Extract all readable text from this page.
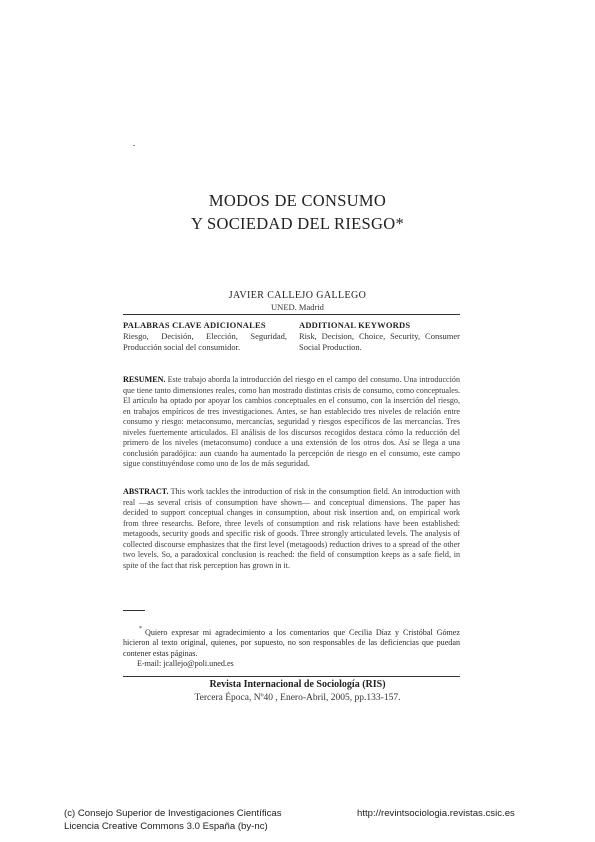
MODOS DE CONSUMO
Y SOCIEDAD DEL RIESGO*
JAVIER CALLEJO GALLEGO
UNED. Madrid
PALABRAS CLAVE ADICIONALES
Riesgo, Decisión, Elección, Seguridad, Producción social del consumidor.
ADDITIONAL KEYWORDS
Risk, Decision, Choice, Security, Consumer Social Production.
RESUMEN. Este trabajo aborda la introducción del riesgo en el campo del consumo. Una introducción que tiene tanto dimensiones reales, como han mostrado distintas crisis de consumo, como conceptuales. El artículo ha optado por apoyar los cambios conceptuales en el consumo, con la inserción del riesgo, en trabajos empíricos de tres investigaciones. Antes, se han establecido tres niveles de relación entre consumo y riesgo: metaconsumo, mercancías, seguridad y riesgos específicos de las mercancías. Tres niveles fuertemente articulados. El análisis de los discursos recogidos destaca cómo la reducción del primero de los niveles (metaconsumo) conduce a una extensión de los otros dos. Así se llega a una conclusión paradójica: aun cuando ha aumentado la percepción de riesgo en el consumo, este campo sigue constituyéndose como uno de los de más seguridad.
ABSTRACT. This work tackles the introduction of risk in the consumption field. An introduction with real —as several crisis of consumption have shown— and conceptual dimensions. The paper has decided to support conceptual changes in consumption, about risk insertion and, on empirical work from three researchs. Before, three levels of consumption and risk relations have been established: metagoods, security goods and specific risk of goods. Three strongly articulated levels. The analysis of collected discourse emphasizes that the first level (metagoods) reduction drives to a spread of the other two levels. So, a paradoxical conclusion is reached: the field of consumption keeps as a safe field, in spite of the fact that risk perception has grown in it.
* Quiero expresar mi agradecimiento a los comentarios que Cecilia Díaz y Cristóbal Gómez hicieron al texto original, quienes, por supuesto, no son responsables de las deficiencias que puedan contener estas páginas.
E-mail: jcallejo@poli.uned.es
Revista Internacional de Sociología (RIS)
Tercera Época, Nº40 , Enero-Abril, 2005, pp.133-157.
(c) Consejo Superior de Investigaciones Científicas
Licencia Creative Commons 3.0 España (by-nc)
http://revintsociologia.revistas.csic.es
